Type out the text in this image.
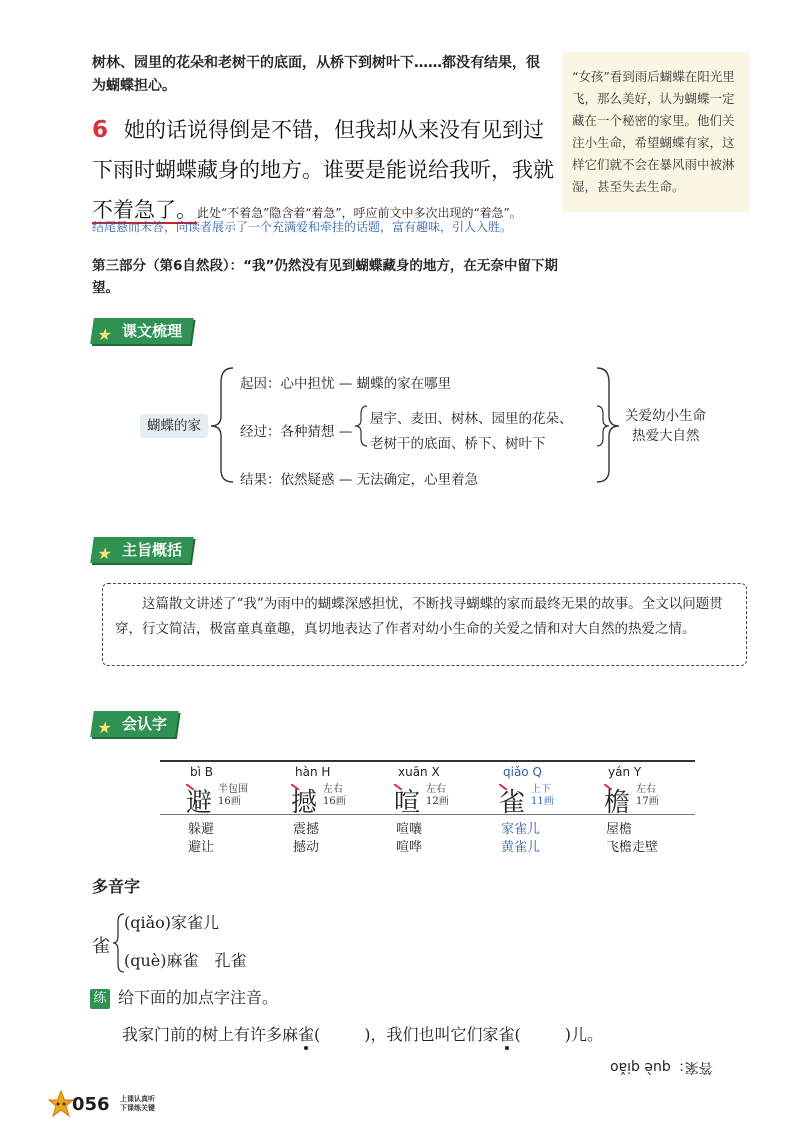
树林、园里的花朵和老树干的底面，从桥下到树叶下……都没有结果，很为蝴蝶担心。
“女孩”看到雨后蝴蝶在阳光里飞，那么美好，认为蝴蝶一定藏在一个秘密的家里。他们关注小生命，希望蝴蝶有家，这样它们就不会在暴风雨中被淋湿，甚至失去生命。
6 她的话说得倒是不错，但我却从来没有见到过下雨时蝴蝶藏身的地方。谁要是能说给我听，我就不着急了。此处“不着急”隐含着“着急”，呼应前文中多次出现的“着急”。
结尾悬而未答，向读者展示了一个充满爱和牵挂的话题，富有趣味，引人入胜。
第三部分（第6自然段）：“我”仍然没有见到蝴蝶藏身的地方，在无奈中留下期望。
★ 课文梳理
蝴蝶的家
起因：心中担忧 — 蝴蝶的家在哪里
经过：各种猜想 —
屋宇、麦田、树林、园里的花朵、
老树干的底面、桥下、树叶下
结果：依然疑惑 — 无法确定，心里着急
关爱幼小生命
热爱大自然
★ 主旨概括
这篇散文讲述了“我”为雨中的蝴蝶深感担忧，不断找寻蝴蝶的家而最终无果的故事。全文以问题贯穿，行文简洁，极富童真童趣，真切地表达了作者对幼小生命的关爱之情和对大自然的热爱之情。
★ 会认字
bì B
避 半包围
16画
躲避
避让
hàn H
撼 左右
16画
震撼
撼动
xuān X
喧 左右
12画
喧嚷
喧哗
qiǎo Q
雀 上下
11画
家雀儿
黄雀儿
yán Y
檐 左右
17画
屋檐
飞檐走壁
多音字
雀
(qiǎo)家雀儿
(què)麻雀　孔雀
练 给下面的加点字注音。
我家门前的树上有许多麻雀(	)，我们也叫它们家雀(	)儿。
答案：què qiǎo
056 上课认真听
下课练关键
